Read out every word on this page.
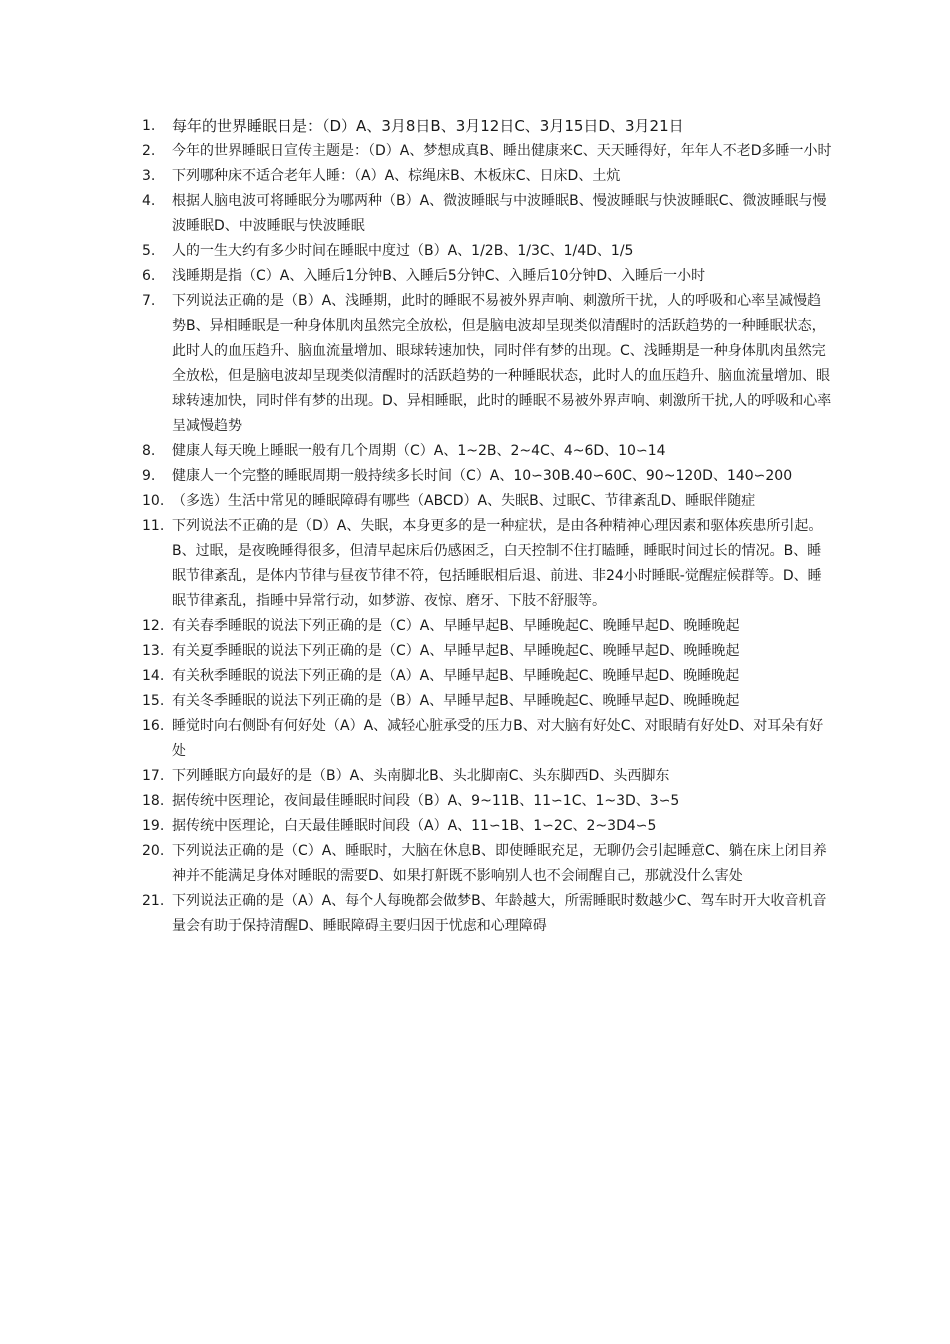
1.	每年的世界睡眠日是：（D）A、3月8日B、3月12日C、3月15日D、3月21日
2.	今年的世界睡眠日宣传主题是：（D）A、梦想成真B、睡出健康来C、天天睡得好，年年人不老D多睡一小时
3.	下列哪种床不适合老年人睡：（A）A、棕绳床B、木板床C、日床D、土炕
4.	根据人脑电波可将睡眠分为哪两种（B）A、微波睡眠与中波睡眠B、慢波睡眠与快波睡眠C、微波睡眠与慢波睡眠D、中波睡眠与快波睡眠
5.	人的一生大约有多少时间在睡眠中度过（B）A、1/2B、1/3C、1/4D、1/5
6.	浅睡期是指（C）A、入睡后1分钟B、入睡后5分钟C、入睡后10分钟D、入睡后一小时
7.	下列说法正确的是（B）A、浅睡期，此时的睡眠不易被外界声响、刺激所干扰，人的呼吸和心率呈减慢趋势B、异相睡眠是一种身体肌肉虽然完全放松，但是脑电波却呈现类似清醒时的活跃趋势的一种睡眠状态，此时人的血压趋升、脑血流量增加、眼球转速加快，同时伴有梦的出现。C、浅睡期是一种身体肌肉虽然完全放松，但是脑电波却呈现类似清醒时的活跃趋势的一种睡眠状态，此时人的血压趋升、脑血流量增加、眼球转速加快，同时伴有梦的出现。D、异相睡眠，此时的睡眠不易被外界声响、刺激所干扰,人的呼吸和心率呈减慢趋势
8.	健康人每天晚上睡眠一般有几个周期（C）A、1~2B、2~4C、4~6D、10∽14
9.	健康人一个完整的睡眠周期一般持续多长时间（C）A、10∽30B.40∽60C、90~120D、140∽200
10. （多选）生活中常见的睡眠障碍有哪些（ABCD）A、失眠B、过眠C、节律紊乱D、睡眠伴随症
11. 下列说法不正确的是（D）A、失眠，本身更多的是一种症状，是由各种精神心理因素和驱体疾患所引起。B、过眠，是夜晚睡得很多，但清早起床后仍感困乏，白天控制不住打瞌睡，睡眠时间过长的情况。B、睡眠节律紊乱，是体内节律与昼夜节律不符，包括睡眠相后退、前进、非24小时睡眠-觉醒症候群等。D、睡眠节律紊乱，指睡中异常行动，如梦游、夜惊、磨牙、下肢不舒服等。
12. 有关春季睡眠的说法下列正确的是（C）A、早睡早起B、早睡晚起C、晚睡早起D、晚睡晚起
13. 有关夏季睡眠的说法下列正确的是（C）A、早睡早起B、早睡晚起C、晚睡早起D、晚睡晚起
14. 有关秋季睡眠的说法下列正确的是（A）A、早睡早起B、早睡晚起C、晚睡早起D、晚睡晚起
15. 有关冬季睡眠的说法下列正确的是（B）A、早睡早起B、早睡晚起C、晚睡早起D、晚睡晚起
16. 睡觉时向右侧卧有何好处（A）A、减轻心脏承受的压力B、对大脑有好处C、对眼睛有好处D、对耳朵有好处
17. 下列睡眠方向最好的是（B）A、头南脚北B、头北脚南C、头东脚西D、头西脚东
18. 据传统中医理论，夜间最佳睡眠时间段（B）A、9~11B、11∽1C、1~3D、3∽5
19. 据传统中医理论，白天最佳睡眠时间段（A）A、11∽1B、1∽2C、2~3D4∽5
20. 下列说法正确的是（C）A、睡眠时，大脑在休息B、即使睡眠充足，无聊仍会引起睡意C、躺在床上闭目养神并不能满足身体对睡眠的需要D、如果打鼾既不影响别人也不会闹醒自己，那就没什么害处
21. 下列说法正确的是（A）A、每个人每晚都会做梦B、年龄越大，所需睡眠时数越少C、驾车时开大收音机音量会有助于保持清醒D、睡眠障碍主要归因于忧虑和心理障碍
